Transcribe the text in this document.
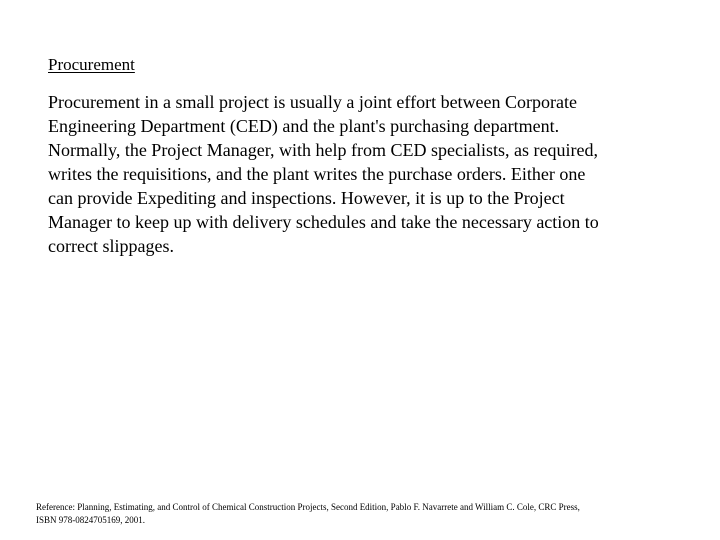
Procurement

Procurement in a small project is usually a joint effort between Corporate
Engineering Department (CED) and the plant's purchasing department.
Normally, the Project Manager, with help from CED specialists, as required,
writes the requisitions, and the plant writes the purchase orders. Either one
can provide Expediting and inspections. However, it is up to the Project
Manager to keep up with delivery schedules and take the necessary action to
correct slippages.

Reference: Planning, Estimating, and Control of Chemical Construction Projects, Second Edition, Pablo F. Navarrete and William C. Cole, CRC Press,
ISBN 978-0824705169, 2001.
